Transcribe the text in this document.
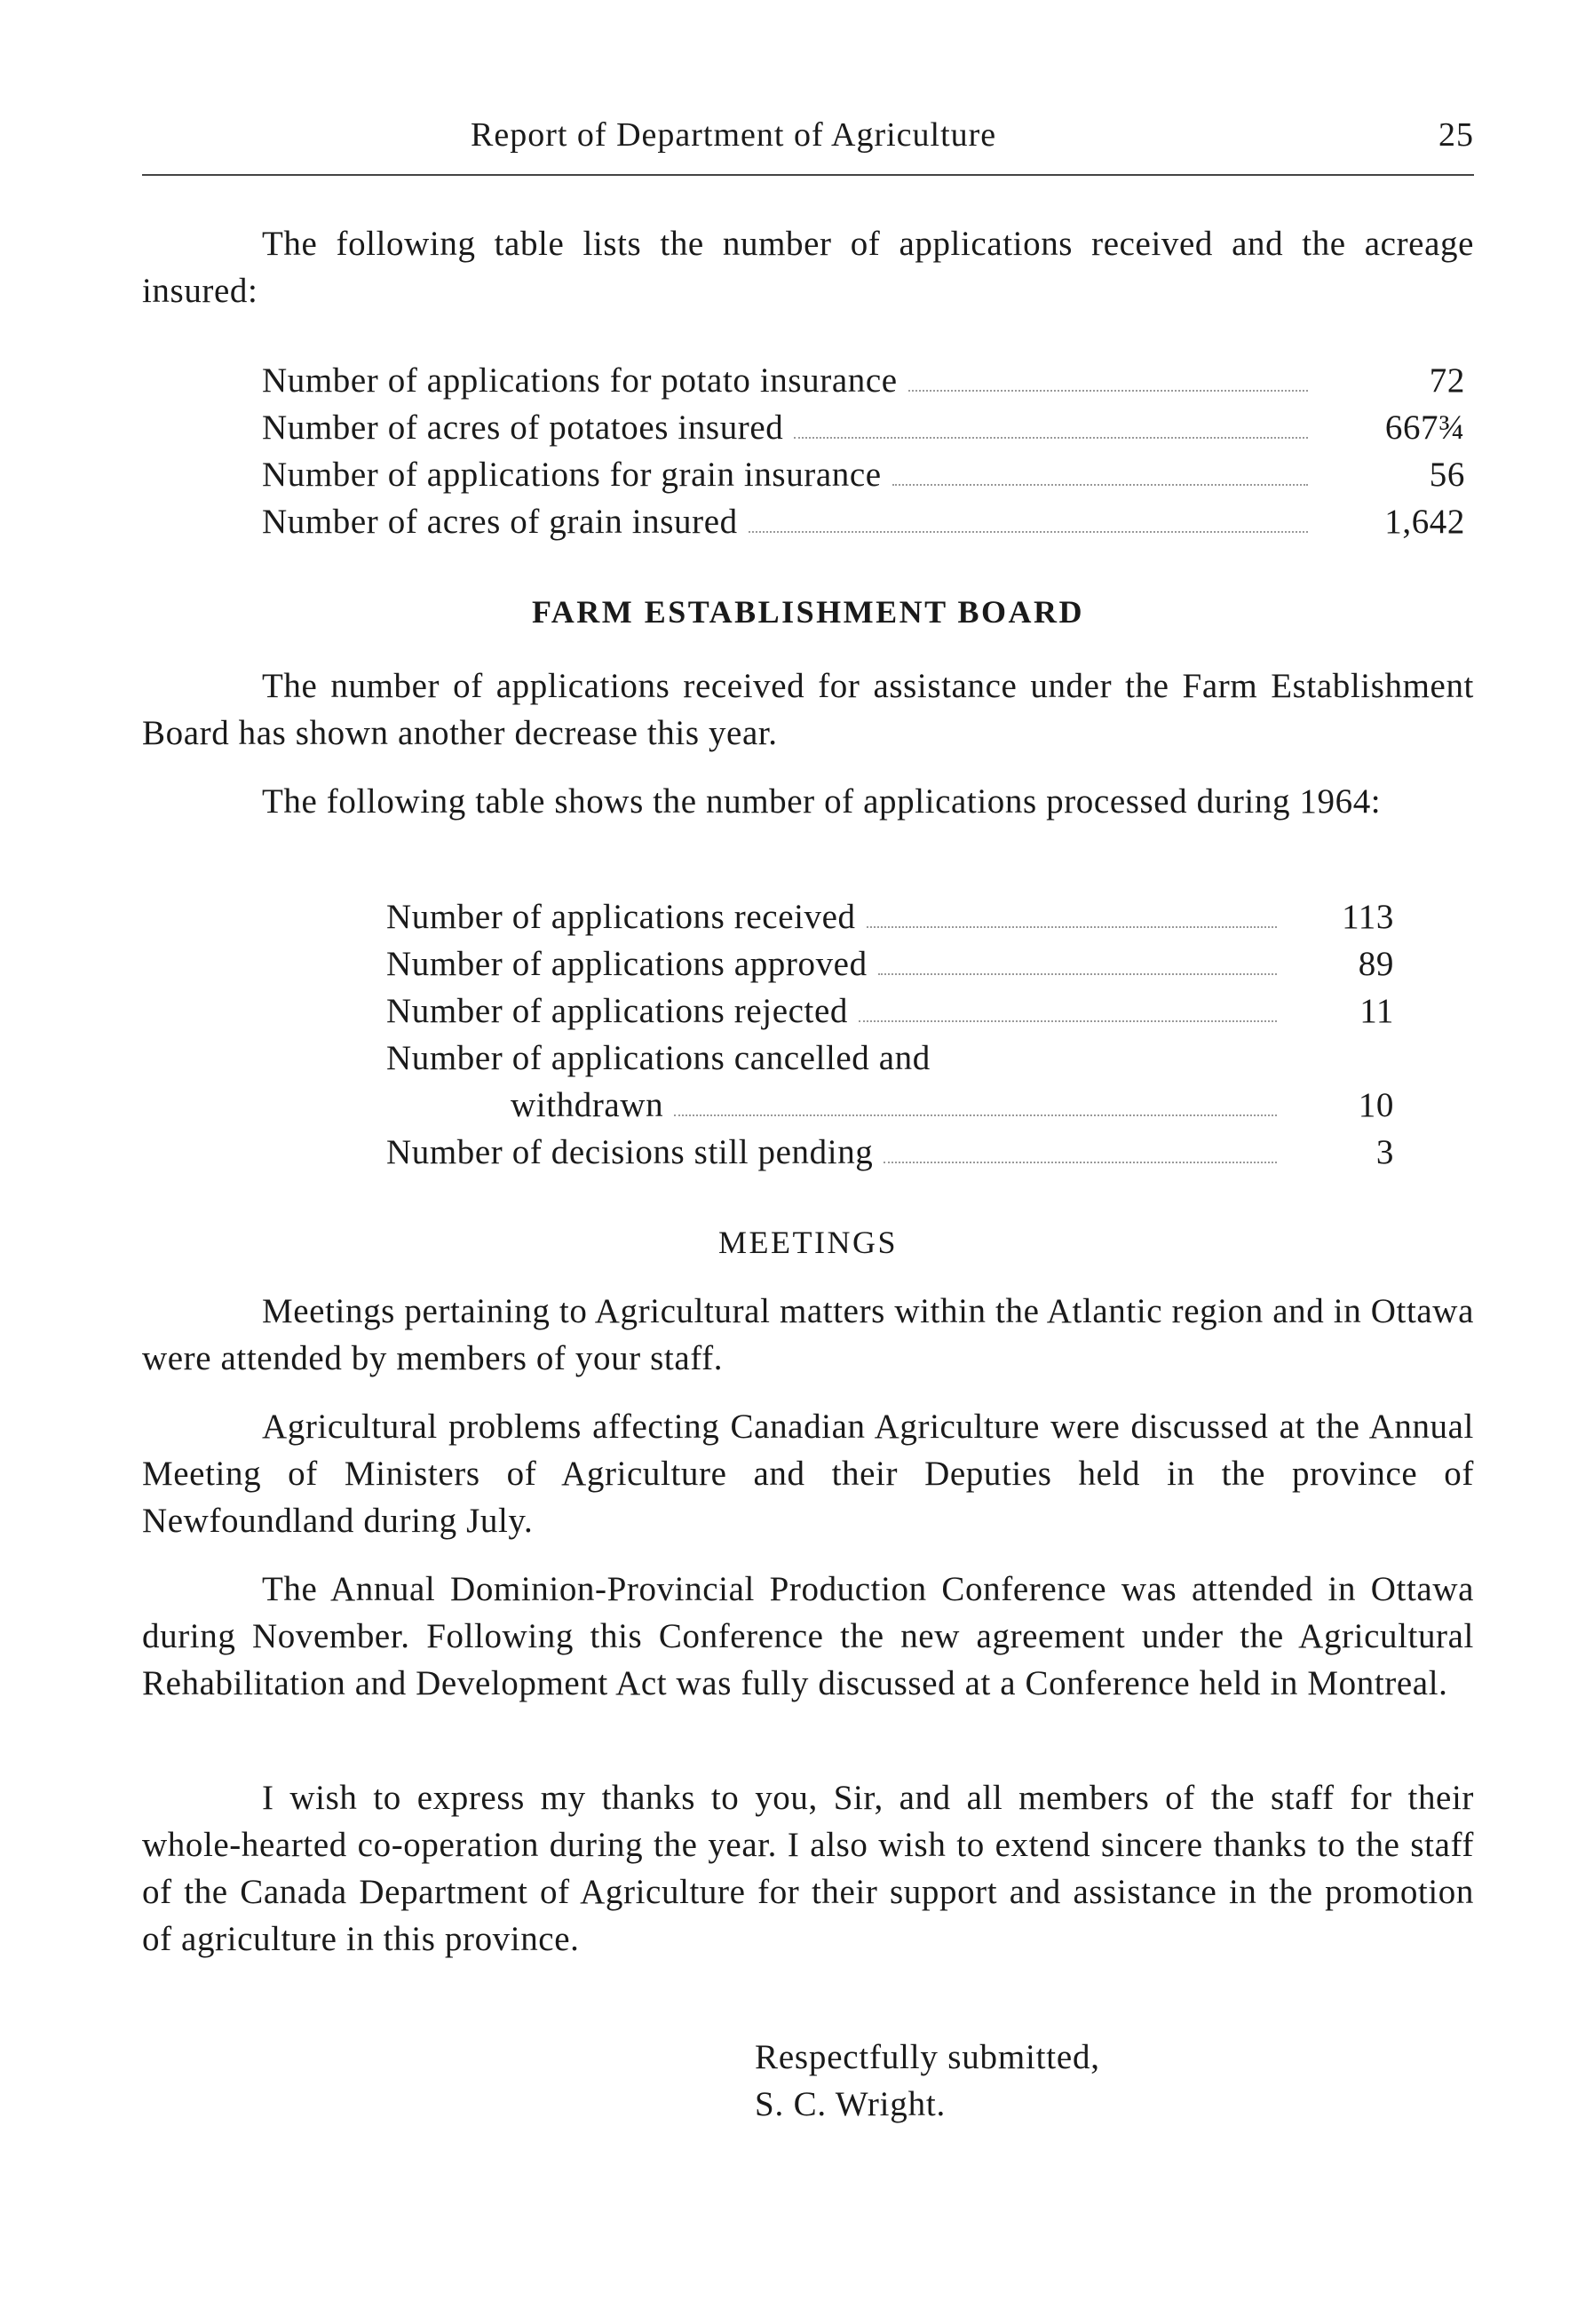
Report of Department of Agriculture	25

The following table lists the number of applications received and the acreage insured:

Number of applications for potato insurance	72
Number of acres of potatoes insured	667¾
Number of applications for grain insurance	56
Number of acres of grain insured	1,642
FARM ESTABLISHMENT BOARD

The number of applications received for assistance under the Farm Establishment Board has shown another decrease this year.

The following table shows the number of applications processed during 1964:

Number of applications received	113
Number of applications approved	89
Number of applications rejected	11
Number of applications cancelled and
withdrawn	10
Number of decisions still pending	3
MEETINGS

Meetings pertaining to Agricultural matters within the Atlantic region and in Ottawa were attended by members of your staff.

Agricultural problems affecting Canadian Agriculture were discussed at the Annual Meeting of Ministers of Agriculture and their Deputies held in the province of Newfoundland during July.

The Annual Dominion-Provincial Production Conference was attended in Ottawa during November. Following this Conference the new agreement under the Agricultural Rehabilitation and Development Act was fully discussed at a Conference held in Montreal.

I wish to express my thanks to you, Sir, and all members of the staff for their whole-hearted co-operation during the year. I also wish to extend sincere thanks to the staff of the Canada Department of Agriculture for their support and assistance in the promotion of agriculture in this province.

Respectfully submitted,
S. C. Wright.
